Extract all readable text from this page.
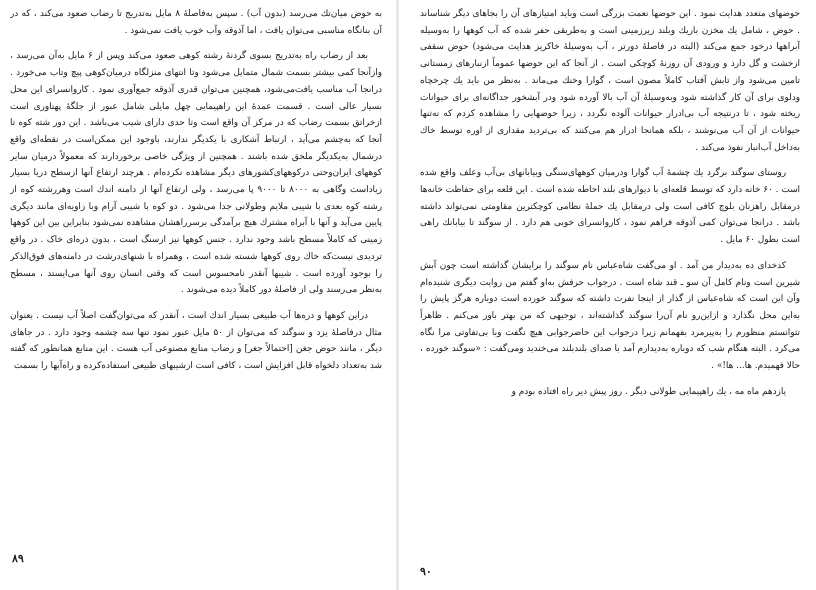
به حوض میان‌تك می‌رسد (بدون آب) . سپس به‌فاصلهٔ ۸ مایل به‌تدریج تا رضاب صعود می‌کند ، که در آن بنانگاه مناسبی می‌توان یافت ، اما آذوقه وآب خوب یافت نمی‌شود .

بعد از رضاب راه به‌تدریج بسوی گردنهٔ رشته کوهی صعود می‌کند وپس از ۶ مایل به‌آن می‌رسد ، وازآنجا کمی بیشتر بسمت شمال متمایل می‌شود وتا انتهای منزلگاه درمیان‌کوهی پیچ وتاب می‌خورد . درانجا آب مناسب یافت‌می‌شود، همچنین می‌توان قدری آذوقه جمع‌آوری نمود . کاروانسرای این محل بسیار عالی است . قسمت عمدهٔ این راهپیمایی چهل مایلی شامل عبور از جلگهٔ پهناوری است ازخراتق بسمت رضاب که در مرکز آن واقع است وتا حدی دارای شیب می‌باشد . این دور شته کوه تا آنجا که به‌چشم می‌آید ، ارتباط آشکاری با یکدیگر ندارند، باوجود این ممکن‌است در نقطه‌ای واقع درشمال به‌یکدیگر ملحق شده باشند . همچنین از ویژگی خاصی برخوردارند که معمولاً درمیان سایر کوههای ایران‌وحتی درکوههای‌کشورهای دیگر مشاهده نکرده‌ام . هرچند ارتفاع آنها ازسطح دریا بسیار زیاداست وگاهی به ۸۰۰۰ تا ۹۰۰۰ پا می‌رسد ، ولی ارتفاع آنها از دامنه اندك است وهررشته كوه از رشته کوه بعدی با شیبی ملایم وطولانی جدا می‌شود . دو کوه با شیبی آرام وبا زاویه‌ای مانند دیگری پایین می‌آید و آنها با آبراه مشترك هیچ برآمدگی برسرراهشان مشاهده نمی‌شود بنابراین بین این کوهها زمینی که کاملاً مسطح باشد وجود ندارد . جنس کوهها نیز ازسنگ است ، بدون ذره‌ای خاک . در واقع تردیدی نیست‌که خاك روی کوهها شسته شده است ، وهمراه با شنهای‌درشت در دامنه‌های فوق‌الذکر را بوجود آورده است . شیبها آنقدر نامحسوس است که وقتی انسان روی آنها می‌ایستد ، مسطح به‌نظر می‌رسند ولی از فاصلهٔ دور کاملاً دیده می‌شوند .

دراین کوهها و دره‌ها آب طبیعی بسیار اندك است ، آنقدر که می‌توان‌گفت اصلاً آب نیست . بعنوان مثال درفاصلهٔ یزد و سوگند که می‌توان از ۵۰ مایل عبور نمود تنها سه چشمه وجود دارد . در جاهای دیگر ، مانند حوض جغن [احتمالاً جغر] و رضاب منابع مصنوعی آب هست . این منابع همانطور که گفته شد به‌تعداد دلخواه قابل افزایش است ، کافی است ازشیبهای طبیعی استفاده‌کرده و راه‌آبها را بسمت

حوضهای متعدد هدایت نمود . این حوضها نعمت بزرگی است وباید امتیازهای آن را بجاهای دیگر شناساند . حوض ، شامل یك مخزن باریك وبلند زیرزمینی است و به‌طریقی حفر شده که آب کوهها را به‌وسیله آبراهها درخود جمع می‌کند (البته در فاصلهٔ دورتر ، آب به‌وسیلهٔ خاکریز هدایت می‌شود) حوض سقفی ازخشت و گل دارد و ورودی آن روزنهٔ کوچکی است . از آنجا که این حوضها عموماً ازنبارهای زمستانی تامین می‌شود واز تابش آفتاب کاملاً مصون است ، گوارا وخنك می‌ماند . به‌نظر من باید یك چرخچاه ودلوی برای آن کار گذاشته شود وبه‌وسیلهٔ آن آب بالا آورده شود ودر آبشخور جداگانه‌ای برای حیوانات ریخته شود ، تا درنتیجه آب بی‌ادرار حیوانات آلوده نگردد ، زیرا حوضهایی را مشاهده کردم که نه‌تنها حیوانات از آن آب می‌نوشند ، بلکه همانجا ادرار هم می‌کنند که بی‌تردید مقداری از اوره توسط خاك به‌داخل آب‌انبار نفوذ می‌کند .

روستای سوگند برگرد یك چشمهٔ آب گوارا ودرمیان کوههای‌سنگی وبیابانهای بی‌آب وعلف واقع شده است . ۶۰ خانه دارد که توسط قلعه‌ای با دیوارهای بلند احاطه شده است . این قلعه برای حفاظت خانه‌ها درمقابل راهزنان بلوچ کافی است ولی درمقابل یك حملهٔ نظامی کوچکترین مقاومتی نمی‌تواند داشته باشد . درانجا می‌توان کمی آذوقه فراهم نمود ، کاروانسرای خوبی هم دارد . از سوگند تا بیابانك راهی است بطول ۶۰ مایل .

کدخدای ده به‌دیدار من آمد . او می‌گفت شاه‌عباس نام سوگند را برایشان گذاشته است چون آبش شیرین است ونام کامل آن سو ـ قند شاه است . درجواب حرفش به‌او گفتم من روایت دیگری شنیده‌ام وآن این است که شاه‌عباس از گذار از اینجا نفرت داشته که سوگند خورده است دوباره هرگز پایش را به‌این محل نگذارد و ازاین‌رو نام آن‌را سوگند گذاشته‌اند ، توجیهی که من بهتر باور می‌کنم . ظاهراً تتوانستم منظورم را به‌پیرمرد بفهمانم زیرا درجواب این حاضرجوابی هیچ نگفت وبا بی‌تفاوتی مرا نگاه می‌کرد . البته هنگام شب که دوباره به‌دیدارم آمد با صدای بلندبلند می‌خندید ومی‌گفت : «سوگند خورده ، حالا فهمیدم. ها... ها!» .

یازدهم ماه مه ، یك راهپیمایی طولانی دیگر . روز پیش دیر راه افتاده بودم و

۸۹
۹۰
